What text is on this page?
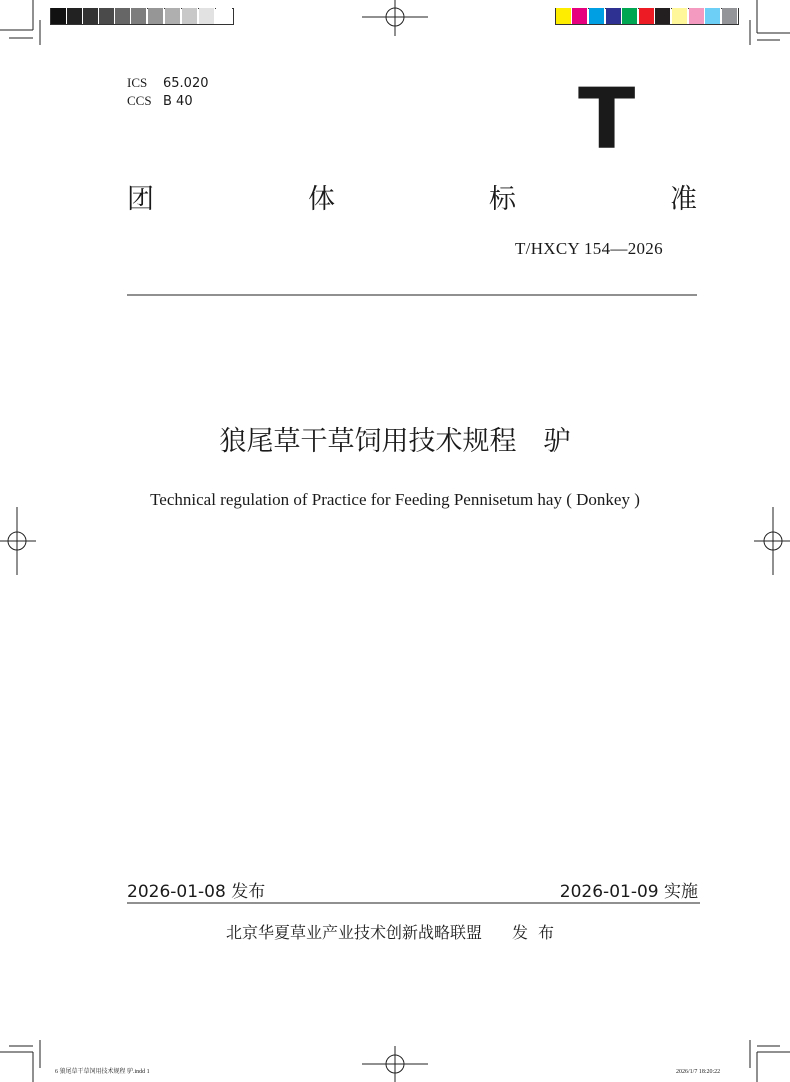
ICS 65.020
CCS B 40	T
团	体	标	准
T/HXCY 154—2026
狼尾草干草饲用技术规程　驴
Technical regulation of Practice for Feeding Pennisetum hay ( Donkey )
2026-01-08 发布	2026-01-09 实施
北京华夏草业产业技术创新战略联盟 发布
6 狼尾草干草饲用技术规程 驴.indd 1	2026/1/7 18:20:22
